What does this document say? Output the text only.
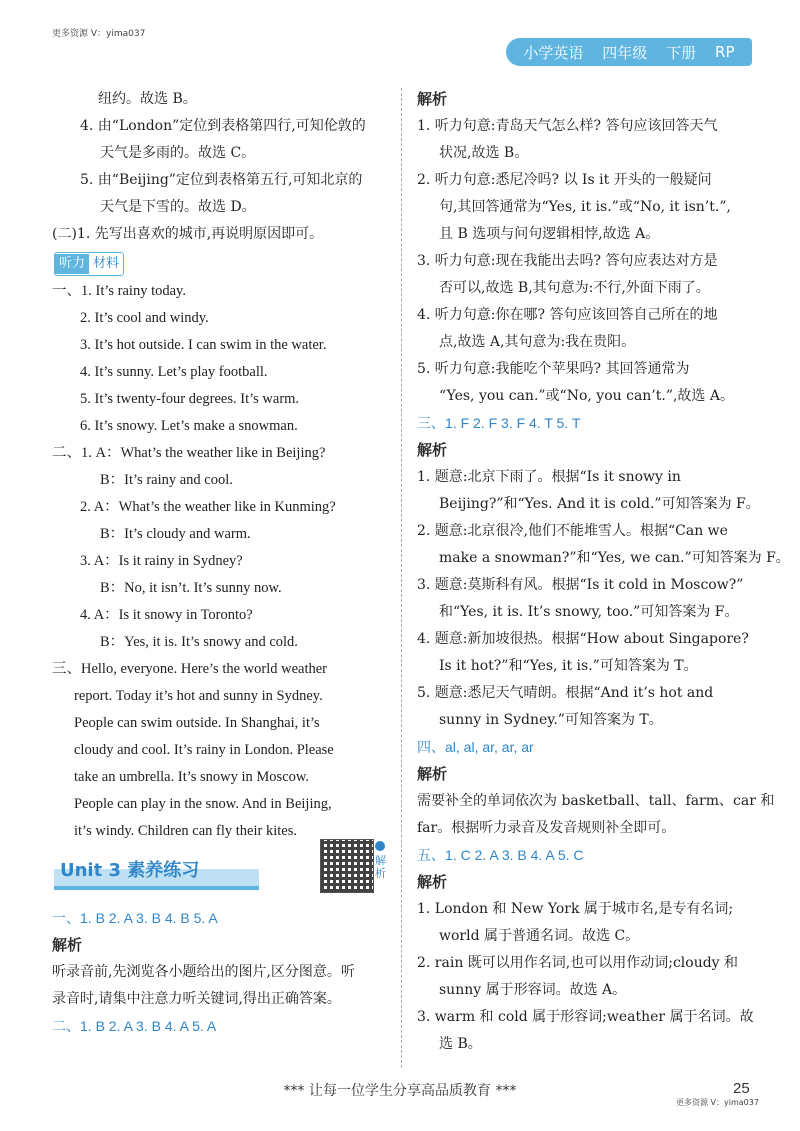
更多资源 V：yima037
小学英语 四年级 下册 RP
纽约。故选 B。
4. 由“London”定位到表格第四行,可知伦敦的
天气是多雨的。故选 C。
5. 由“Beijing”定位到表格第五行,可知北京的
天气是下雪的。故选 D。
(二)1. 先写出喜欢的城市,再说明原因即可。
听力 材料
一、1. It’s rainy today.
2. It’s cool and windy.
3. It’s hot outside. I can swim in the water.
4. It’s sunny. Let’s play football.
5. It’s twenty-four degrees. It’s warm.
6. It’s snowy. Let’s make a snowman.
二、1. A：What’s the weather like in Beijing?
B：It’s rainy and cool.
2. A：What’s the weather like in Kunming?
B：It’s cloudy and warm.
3. A：Is it rainy in Sydney?
B：No, it isn’t. It’s sunny now.
4. A：Is it snowy in Toronto?
B：Yes, it is. It’s snowy and cold.
三、Hello, everyone. Here’s the world weather
report. Today it’s hot and sunny in Sydney.
People can swim outside. In Shanghai, it’s
cloudy and cool. It’s rainy in London. Please
take an umbrella. It’s snowy in Moscow.
People can play in the snow. And in Beijing,
it’s windy. Children can fly their kites.
Unit 3 素养练习	解析
一、1. B 2. A 3. B 4. B 5. A
解析
听录音前,先浏览各小题给出的图片,区分图意。听
录音时,请集中注意力听关键词,得出正确答案。
二、1. B 2. A 3. B 4. A 5. A
解析
1. 听力句意:青岛天气怎么样? 答句应该回答天气
状况,故选 B。
2. 听力句意:悉尼冷吗? 以 Is it 开头的一般疑问
句,其回答通常为“Yes, it is.”或“No, it isn’t.”,
且 B 选项与问句逻辑相悖,故选 A。
3. 听力句意:现在我能出去吗? 答句应表达对方是
否可以,故选 B,其句意为:不行,外面下雨了。
4. 听力句意:你在哪? 答句应该回答自己所在的地
点,故选 A,其句意为:我在贵阳。
5. 听力句意:我能吃个苹果吗? 其回答通常为
“Yes, you can.”或“No, you can’t.”,故选 A。
三、1. F 2. F 3. F 4. T 5. T
解析
1. 题意:北京下雨了。根据“Is it snowy in
Beijing?”和“Yes. And it is cold.”可知答案为 F。
2. 题意:北京很冷,他们不能堆雪人。根据“Can we
make a snowman?”和“Yes, we can.”可知答案为 F。
3. 题意:莫斯科有风。根据“Is it cold in Moscow?”
和“Yes, it is. It’s snowy, too.”可知答案为 F。
4. 题意:新加坡很热。根据“How about Singapore?
Is it hot?”和“Yes, it is.”可知答案为 T。
5. 题意:悉尼天气晴朗。根据“And it’s hot and
sunny in Sydney.”可知答案为 T。
四、al, al, ar, ar, ar
解析
需要补全的单词依次为 basketball、tall、farm、car 和
far。根据听力录音及发音规则补全即可。
五、1. C 2. A 3. B 4. A 5. C
解析
1. London 和 New York 属于城市名,是专有名词;
world 属于普通名词。故选 C。
2. rain 既可以用作名词,也可以用作动词;cloudy 和
sunny 属于形容词。故选 A。
3. warm 和 cold 属于形容词;weather 属于名词。故
选 B。
*** 让每一位学生分享高品质教育 ***	25
更多资源 V：yima037
